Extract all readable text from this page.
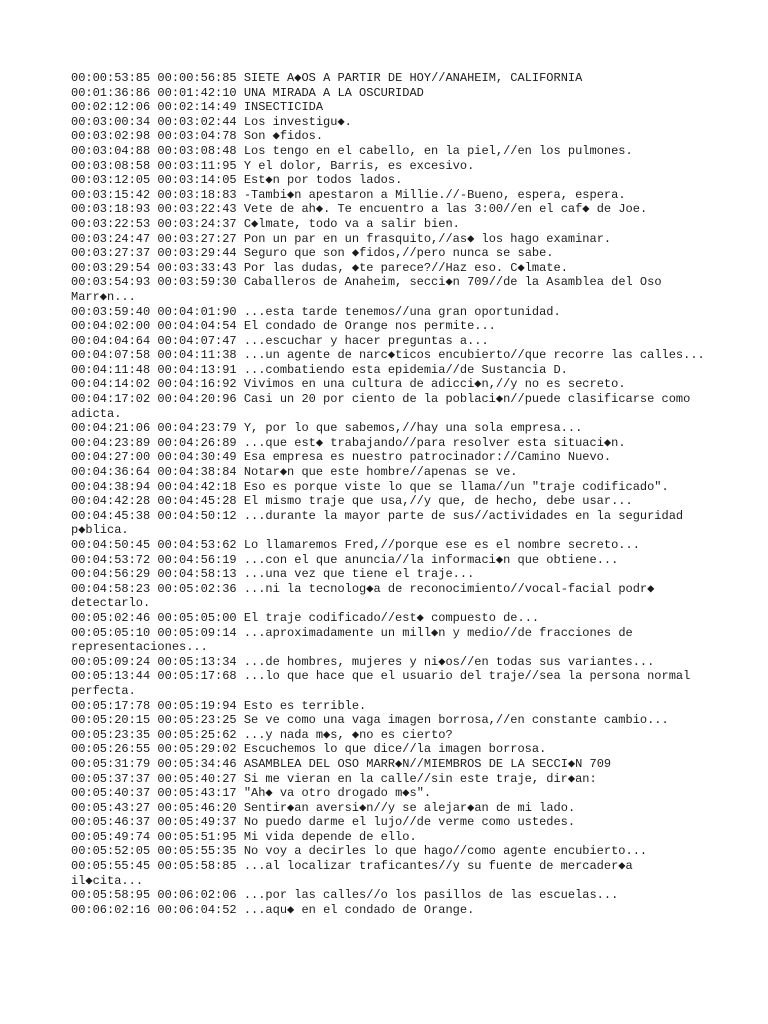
00:00:53:85 00:00:56:85 SIETE A◆OS A PARTIR DE HOY//ANAHEIM, CALIFORNIA
00:01:36:86 00:01:42:10 UNA MIRADA A LA OSCURIDAD
00:02:12:06 00:02:14:49 INSECTICIDA
00:03:00:34 00:03:02:44 Los investigu◆.
00:03:02:98 00:03:04:78 Son ◆fidos.
00:03:04:88 00:03:08:48 Los tengo en el cabello, en la piel,//en los pulmones.
00:03:08:58 00:03:11:95 Y el dolor, Barris, es excesivo.
00:03:12:05 00:03:14:05 Est◆n por todos lados.
00:03:15:42 00:03:18:83 -Tambi◆n apestaron a Millie.//-Bueno, espera, espera.
00:03:18:93 00:03:22:43 Vete de ah◆. Te encuentro a las 3:00//en el caf◆ de Joe.
00:03:22:53 00:03:24:37 C◆lmate, todo va a salir bien.
00:03:24:47 00:03:27:27 Pon un par en un frasquito,//as◆ los hago examinar.
00:03:27:37 00:03:29:44 Seguro que son ◆fidos,//pero nunca se sabe.
00:03:29:54 00:03:33:43 Por las dudas, ◆te parece?//Haz eso. C◆lmate.
00:03:54:93 00:03:59:30 Caballeros de Anaheim, secci◆n 709//de la Asamblea del Oso Marr◆n...
00:03:59:40 00:04:01:90 ...esta tarde tenemos//una gran oportunidad.
00:04:02:00 00:04:04:54 El condado de Orange nos permite...
00:04:04:64 00:04:07:47 ...escuchar y hacer preguntas a...
00:04:07:58 00:04:11:38 ...un agente de narc◆ticos encubierto//que recorre las calles...
00:04:11:48 00:04:13:91 ...combatiendo esta epidemia//de Sustancia D.
00:04:14:02 00:04:16:92 Vivimos en una cultura de adicci◆n,//y no es secreto.
00:04:17:02 00:04:20:96 Casi un 20 por ciento de la poblaci◆n//puede clasificarse como adicta.
00:04:21:06 00:04:23:79 Y, por lo que sabemos,//hay una sola empresa...
00:04:23:89 00:04:26:89 ...que est◆ trabajando//para resolver esta situaci◆n.
00:04:27:00 00:04:30:49 Esa empresa es nuestro patrocinador://Camino Nuevo.
00:04:36:64 00:04:38:84 Notar◆n que este hombre//apenas se ve.
00:04:38:94 00:04:42:18 Eso es porque viste lo que se llama//un "traje codificado".
00:04:42:28 00:04:45:28 El mismo traje que usa,//y que, de hecho, debe usar...
00:04:45:38 00:04:50:12 ...durante la mayor parte de sus//actividades en la seguridad p◆blica.
00:04:50:45 00:04:53:62 Lo llamaremos Fred,//porque ese es el nombre secreto...
00:04:53:72 00:04:56:19 ...con el que anuncia//la informaci◆n que obtiene...
00:04:56:29 00:04:58:13 ...una vez que tiene el traje...
00:04:58:23 00:05:02:36 ...ni la tecnolog◆a de reconocimiento//vocal-facial podr◆ detectarlo.
00:05:02:46 00:05:05:00 El traje codificado//est◆ compuesto de...
00:05:05:10 00:05:09:14 ...aproximadamente un mill◆n y medio//de fracciones de representaciones...
00:05:09:24 00:05:13:34 ...de hombres, mujeres y ni◆os//en todas sus variantes...
00:05:13:44 00:05:17:68 ...lo que hace que el usuario del traje//sea la persona normal perfecta.
00:05:17:78 00:05:19:94 Esto es terrible.
00:05:20:15 00:05:23:25 Se ve como una vaga imagen borrosa,//en constante cambio...
00:05:23:35 00:05:25:62 ...y nada m◆s, ◆no es cierto?
00:05:26:55 00:05:29:02 Escuchemos lo que dice//la imagen borrosa.
00:05:31:79 00:05:34:46 ASAMBLEA DEL OSO MARR◆N//MIEMBROS DE LA SECCI◆N 709
00:05:37:37 00:05:40:27 Si me vieran en la calle//sin este traje, dir◆an:
00:05:40:37 00:05:43:17 "Ah◆ va otro drogado m◆s".
00:05:43:27 00:05:46:20 Sentir◆an aversi◆n//y se alejar◆an de mi lado.
00:05:46:37 00:05:49:37 No puedo darme el lujo//de verme como ustedes.
00:05:49:74 00:05:51:95 Mi vida depende de ello.
00:05:52:05 00:05:55:35 No voy a decirles lo que hago//como agente encubierto...
00:05:55:45 00:05:58:85 ...al localizar traficantes//y su fuente de mercader◆a il◆cita...
00:05:58:95 00:06:02:06 ...por las calles//o los pasillos de las escuelas...
00:06:02:16 00:06:04:52 ...aqu◆ en el condado de Orange.
